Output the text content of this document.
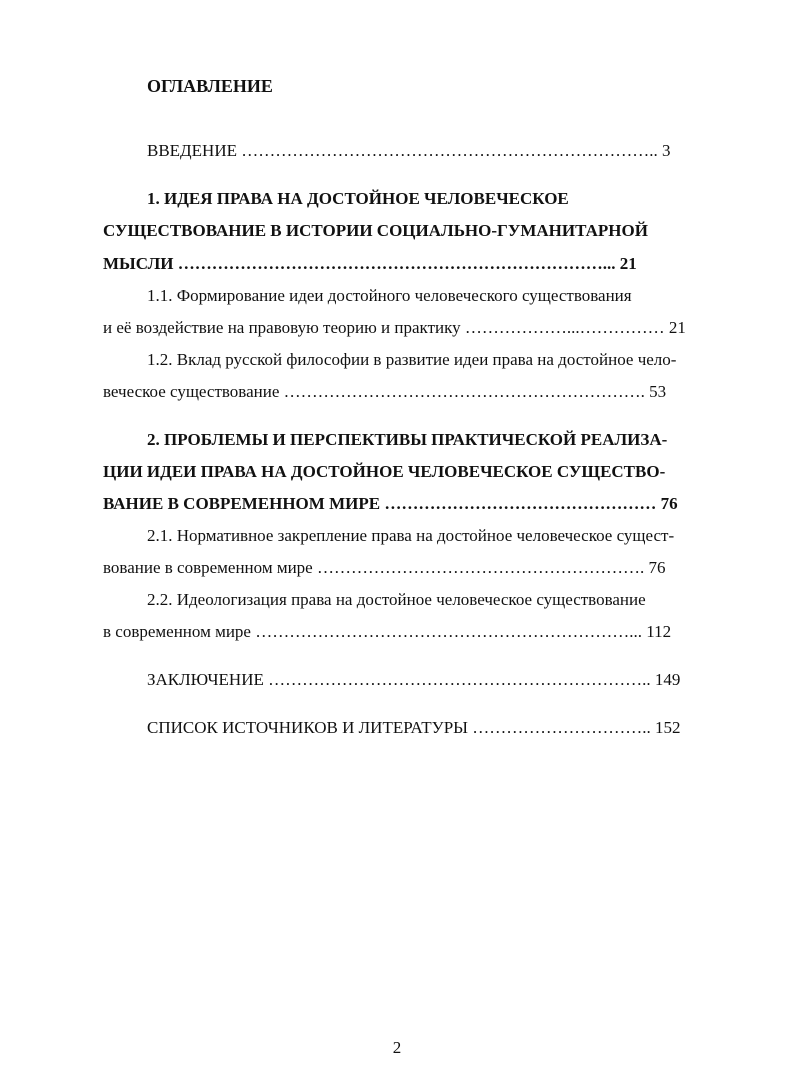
ОГЛАВЛЕНИЕ
ВВЕДЕНИЕ ……………………………………………………………….. 3
1. ИДЕЯ ПРАВА НА ДОСТОЙНОЕ ЧЕЛОВЕЧЕСКОЕ
СУЩЕСТВОВАНИЕ В ИСТОРИИ СОЦИАЛЬНО-ГУМАНИТАРНОЙ
МЫСЛИ …………………………………………………………………... 21
1.1. Формирование идеи достойного человеческого существования
и её воздействие на правовую теорию и практику ………………...…………… 21
1.2. Вклад русской философии в развитие идеи права на достойное чело-
веческое существование ………………………………………………………. 53
2. ПРОБЛЕМЫ И ПЕРСПЕКТИВЫ ПРАКТИЧЕСКОЙ РЕАЛИЗА-
ЦИИ ИДЕИ ПРАВА НА ДОСТОЙНОЕ ЧЕЛОВЕЧЕСКОЕ СУЩЕСТВО-
ВАНИЕ В СОВРЕМЕННОМ МИРЕ ………………………………………… 76
2.1. Нормативное закрепление права на достойное человеческое сущест-
вование в современном мире …………………………………………………. 76
2.2. Идеологизация права на достойное человеческое существование
в современном мире …………………………………………………………... 112
ЗАКЛЮЧЕНИЕ ………………………………………………………….. 149
СПИСОК ИСТОЧНИКОВ И ЛИТЕРАТУРЫ ………………………….. 152
2
